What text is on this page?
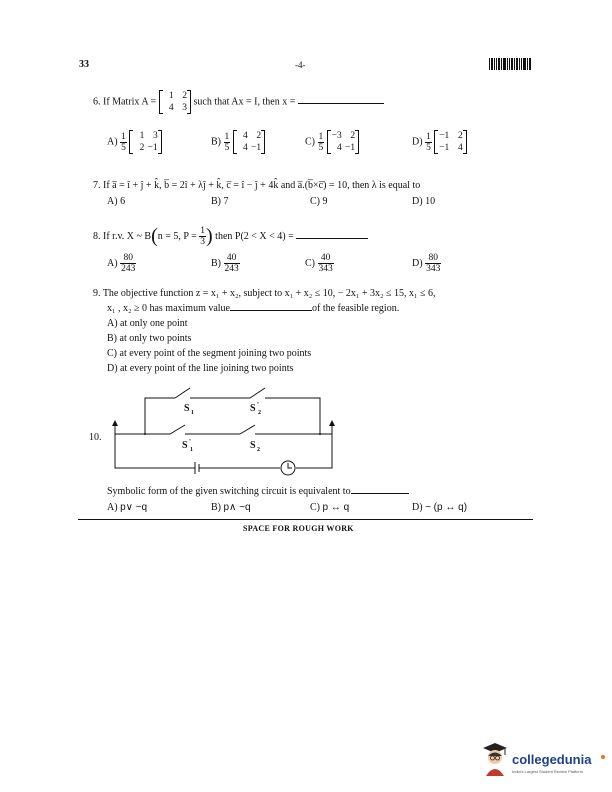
33	-4-
6. If Matrix A =
1 2
4 3
such that Ax = I, then x =
$A) \frac{1}{5}$
	1 3
2 −1
$B) \frac{1}{5}$
	4 2
4 −1
$C) \frac{1}{5}$
−3 2
4 −1
$D) \frac{1}{5}$
−1 2
−1 4
7. If a̅ = î + ĵ + k̂, b̅ = 2î + λĵ + k̂, c̅ = î − ĵ + 4k̂ and a̅.(b̅×c̅) = 10, then λ is equal to
A) 6	B) 7	C) 9	D) 10
8. If r.v. X ~ B(n = 5, $P = \frac{1}{3}$ ) then P(2 < X < 4) =
$A) \frac{80}{243}$	$B) \frac{40}{243}$	$C) \frac{40}{343}$	$D) \frac{80}{343}$
9. The objective function z = x₁ + x₂, subject to x₁ + x₂ ≤ 10, − 2x₁ + 3x₂ ≤ 15, x₁ ≤ 6,
x₁ , x₂ ≥ 0 has maximum value	of the feasible region.
A) at only one point
B) at only two points
C) at every point of the segment joining two points
D) at every point of the line joining two points
10.
S 1	S '
2
S '
1	S 2
Symbolic form of the given switching circuit is equivalent to
A) p∨ ~q	B) p∧ ~q	C) p ↔ q	D) ~ (p ↔ q)
SPACE FOR ROUGH WORK
collegedunia
India's Largest Student Review Platform
